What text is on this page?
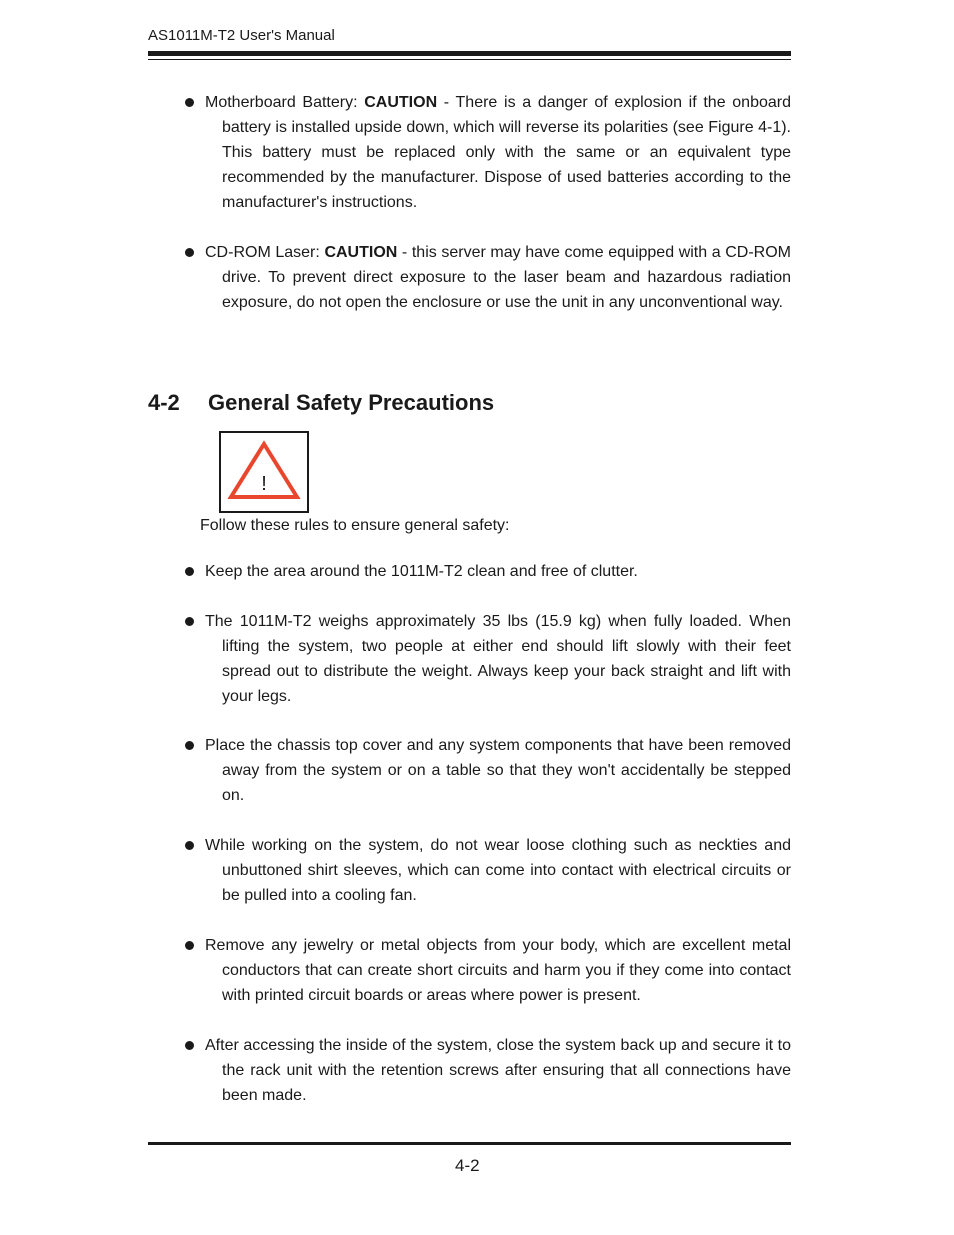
AS1011M-T2 User's Manual
Motherboard Battery: CAUTION - There is a danger of explosion if the onboard battery is installed upside down, which will reverse its polarities (see Figure 4-1). This battery must be replaced only with the same or an equivalent type recommended by the manufacturer. Dispose of used batteries according to the manufacturer's instructions.
CD-ROM Laser: CAUTION - this server may have come equipped with a CD-ROM drive. To prevent direct exposure to the laser beam and hazardous radiation exposure, do not open the enclosure or use the unit in any unconventional way.
4-2 General Safety Precautions
!
Follow these rules to ensure general safety:
Keep the area around the 1011M-T2 clean and free of clutter.
The 1011M-T2 weighs approximately 35 lbs (15.9 kg) when fully loaded. When lifting the system, two people at either end should lift slowly with their feet spread out to distribute the weight. Always keep your back straight and lift with your legs.
Place the chassis top cover and any system components that have been removed away from the system or on a table so that they won't accidentally be stepped on.
While working on the system, do not wear loose clothing such as neckties and unbuttoned shirt sleeves, which can come into contact with electrical circuits or be pulled into a cooling fan.
Remove any jewelry or metal objects from your body, which are excellent metal conductors that can create short circuits and harm you if they come into contact with printed circuit boards or areas where power is present.
After accessing the inside of the system, close the system back up and secure it to the rack unit with the retention screws after ensuring that all connections have been made.
4-2
